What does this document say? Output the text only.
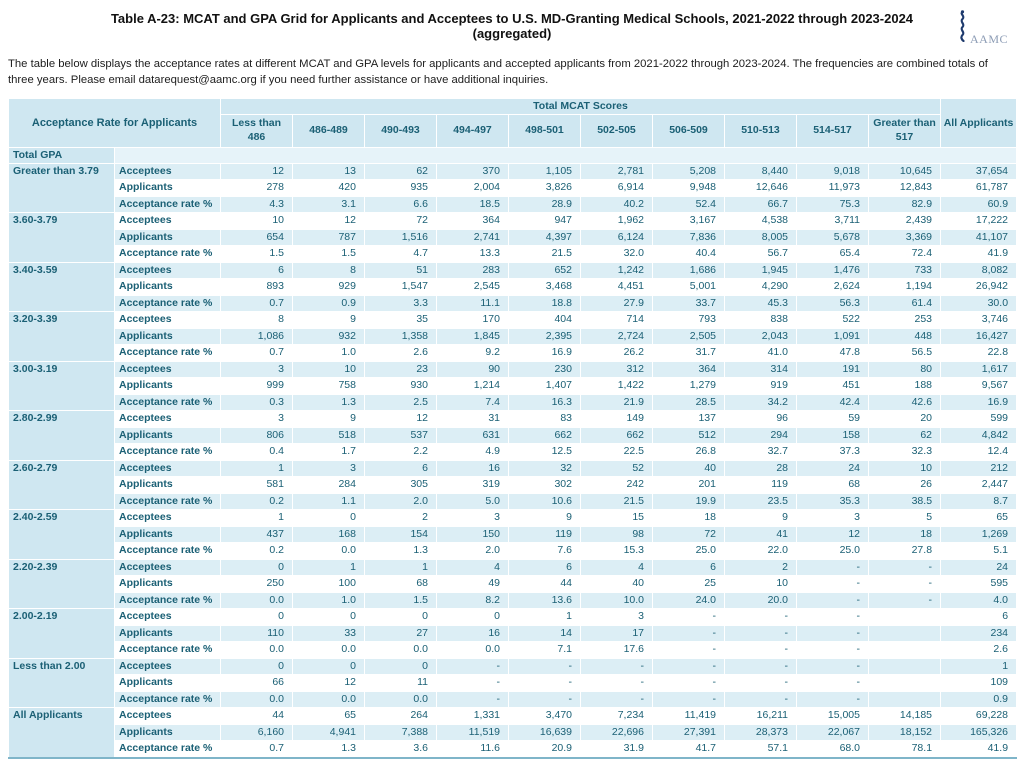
Table A-23: MCAT and GPA Grid for Applicants and Acceptees to U.S. MD-Granting Medical Schools, 2021-2022 through 2023-2024 (aggregated)	AAMC

The table below displays the acceptance rates at different MCAT and GPA levels for applicants and accepted applicants from 2021-2022 through 2023-2024. The frequencies are combined totals of three years. Please email datarequest@aamc.org if you need further assistance or have additional inquiries.

Acceptance Rate for Applicants		Total MCAT Scores										All Applicants
		Less than 486	486-489	490-493	494-497	498-501	502-505	506-509	510-513	514-517	Greater than 517	
Total GPA												
Greater than 3.79	Acceptees	12	13	62	370	1,105	2,781	5,208	8,440	9,018	10,645	37,654
	Applicants	278	420	935	2,004	3,826	6,914	9,948	12,646	11,973	12,843	61,787
	Acceptance rate %	4.3	3.1	6.6	18.5	28.9	40.2	52.4	66.7	75.3	82.9	60.9
3.60-3.79	Acceptees	10	12	72	364	947	1,962	3,167	4,538	3,711	2,439	17,222
	Applicants	654	787	1,516	2,741	4,397	6,124	7,836	8,005	5,678	3,369	41,107
	Acceptance rate %	1.5	1.5	4.7	13.3	21.5	32.0	40.4	56.7	65.4	72.4	41.9
3.40-3.59	Acceptees	6	8	51	283	652	1,242	1,686	1,945	1,476	733	8,082
	Applicants	893	929	1,547	2,545	3,468	4,451	5,001	4,290	2,624	1,194	26,942
	Acceptance rate %	0.7	0.9	3.3	11.1	18.8	27.9	33.7	45.3	56.3	61.4	30.0
3.20-3.39	Acceptees	8	9	35	170	404	714	793	838	522	253	3,746
	Applicants	1,086	932	1,358	1,845	2,395	2,724	2,505	2,043	1,091	448	16,427
	Acceptance rate %	0.7	1.0	2.6	9.2	16.9	26.2	31.7	41.0	47.8	56.5	22.8
3.00-3.19	Acceptees	3	10	23	90	230	312	364	314	191	80	1,617
	Applicants	999	758	930	1,214	1,407	1,422	1,279	919	451	188	9,567
	Acceptance rate %	0.3	1.3	2.5	7.4	16.3	21.9	28.5	34.2	42.4	42.6	16.9
2.80-2.99	Acceptees	3	9	12	31	83	149	137	96	59	20	599
	Applicants	806	518	537	631	662	662	512	294	158	62	4,842
	Acceptance rate %	0.4	1.7	2.2	4.9	12.5	22.5	26.8	32.7	37.3	32.3	12.4
2.60-2.79	Acceptees	1	3	6	16	32	52	40	28	24	10	212
	Applicants	581	284	305	319	302	242	201	119	68	26	2,447
	Acceptance rate %	0.2	1.1	2.0	5.0	10.6	21.5	19.9	23.5	35.3	38.5	8.7
2.40-2.59	Acceptees	1	0	2	3	9	15	18	9	3	5	65
	Applicants	437	168	154	150	119	98	72	41	12	18	1,269
	Acceptance rate %	0.2	0.0	1.3	2.0	7.6	15.3	25.0	22.0	25.0	27.8	5.1
2.20-2.39	Acceptees	0	1	1	4	6	4	6	2	-	-	24
	Applicants	250	100	68	49	44	40	25	10	-	-	595
	Acceptance rate %	0.0	1.0	1.5	8.2	13.6	10.0	24.0	20.0	-	-	4.0
2.00-2.19	Acceptees	0	0	0	0	1	3	-	-	-		6
	Applicants	110	33	27	16	14	17	-	-	-		234
	Acceptance rate %	0.0	0.0	0.0	0.0	7.1	17.6	-	-	-		2.6
Less than 2.00	Acceptees	0	0	0	-	-	-	-	-	-		1
	Applicants	66	12	11	-	-	-	-	-	-		109
	Acceptance rate %	0.0	0.0	0.0	-	-	-	-	-	-		0.9
All Applicants	Acceptees	44	65	264	1,331	3,470	7,234	11,419	16,211	15,005	14,185	69,228
	Applicants	6,160	4,941	7,388	11,519	16,639	22,696	27,391	28,373	22,067	18,152	165,326
	Acceptance rate %	0.7	1.3	3.6	11.6	20.9	31.9	41.7	57.1	68.0	78.1	41.9
